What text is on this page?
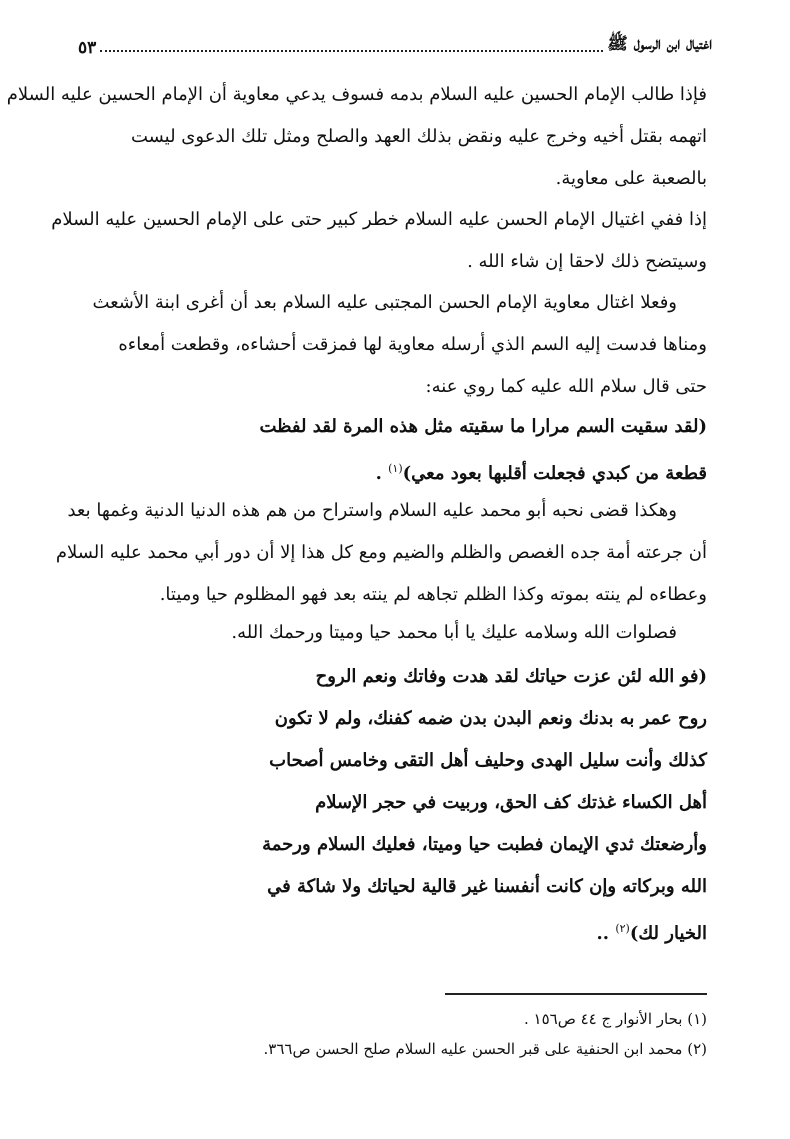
اغتيال ابن الرسول ﷺ
٥٣
فإذا طالب الإمام الحسين عليه السلام بدمه فسوف يدعي معاوية أن الإمام الحسين عليه السلام
اتهمه بقتل أخيه وخرج عليه ونقض بذلك العهد والصلح ومثل تلك الدعوى ليست
بالصعبة على معاوية.
إذا ففي اغتيال الإمام الحسن عليه السلام خطر كبير حتى على الإمام الحسين عليه السلام
وسيتضح ذلك لاحقا إن شاء الله .
وفعلا اغتال معاوية الإمام الحسن المجتبى عليه السلام بعد أن أغرى ابنة الأشعث
ومناها فدست إليه السم الذي أرسله معاوية لها فمزقت أحشاءه، وقطعت أمعاءه
حتى قال سلام الله عليه كما روي عنه:
(لقد سقيت السم مرارا ما سقيته مثل هذه المرة لقد لفظت
قطعة من كبدي فجعلت أقلبها بعود معي)$^{(١)}$ .
وهكذا قضى نحبه أبو محمد عليه السلام واستراح من هم هذه الدنيا الدنية وغمها بعد
أن جرعته أمة جده الغصص والظلم والضيم ومع كل هذا إلا أن دور أبي محمد عليه السلام
وعطاءه لم ينته بموته وكذا الظلم تجاهه لم ينته بعد فهو المظلوم حيا وميتا.
فصلوات الله وسلامه عليك يا أبا محمد حيا وميتا ورحمك الله.
(فو الله لئن عزت حياتك لقد هدت وفاتك ونعم الروح
روح عمر به بدنك ونعم البدن بدن ضمه كفنك، ولم لا تكون
كذلك وأنت سليل الهدى وحليف أهل التقى وخامس أصحاب
أهل الكساء غذتك كف الحق، وربيت في حجر الإسلام
وأرضعتك ثدي الإيمان فطبت حيا وميتا، فعليك السلام ورحمة
الله وبركاته وإن كانت أنفسنا غير قالية لحياتك ولا شاكة في
الخيار لك)$^{(٢)}$ ..
(١) بحار الأنوار ج ٤٤ ص١٥٦ .
(٢) محمد ابن الحنفية على قبر الحسن عليه السلام صلح الحسن ص٣٦٦.
